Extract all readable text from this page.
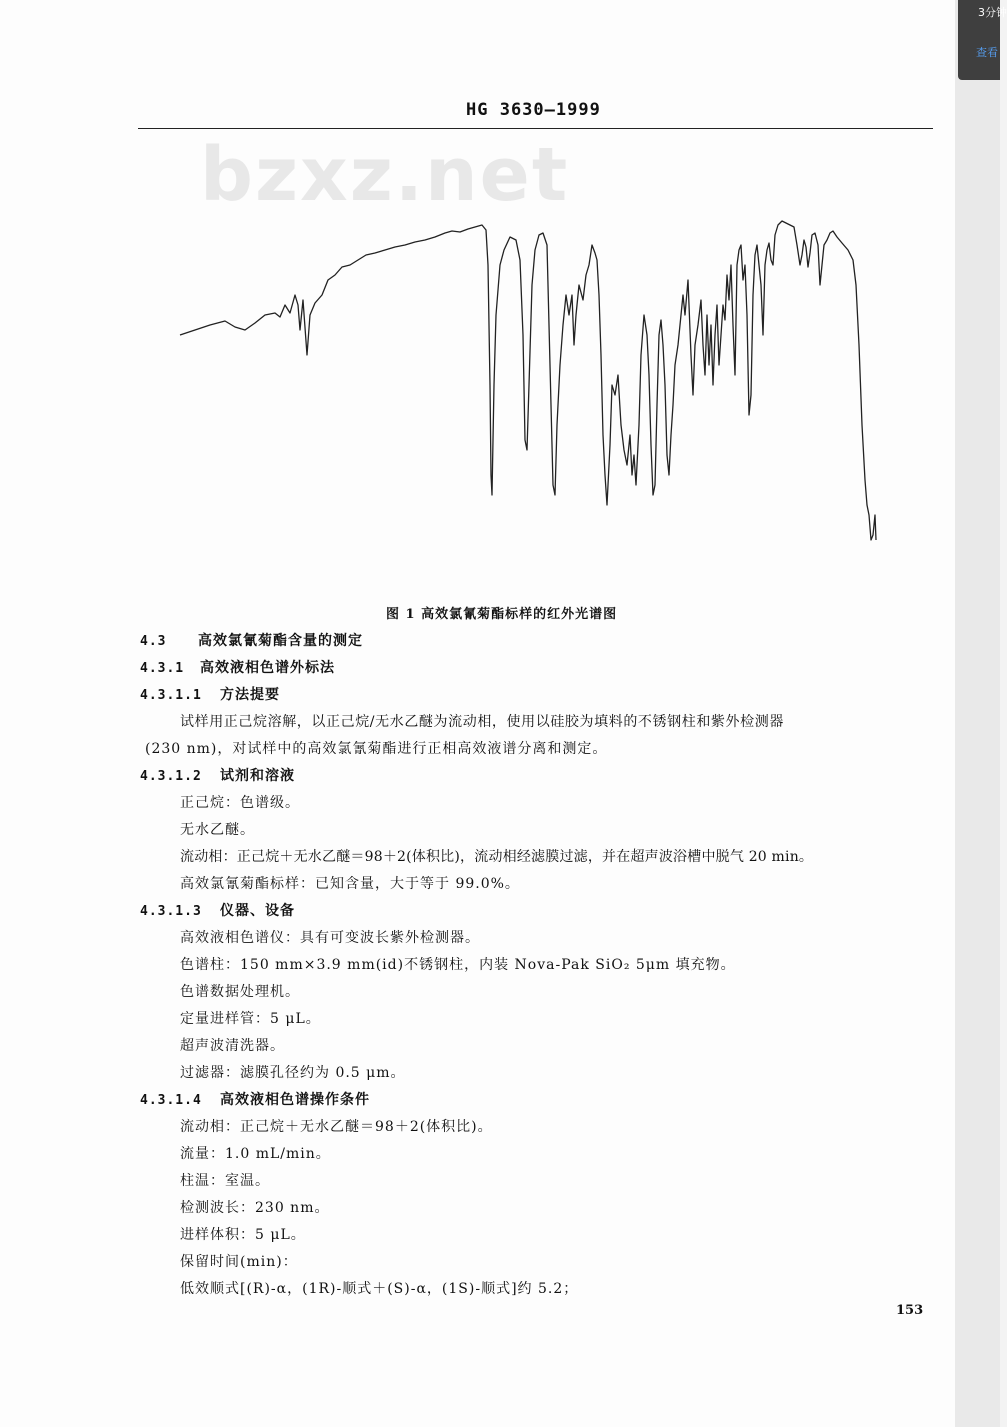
HG 3630—1999
bzxz.net
图 1 高效氯氰菊酯标样的红外光谱图
4.3 高效氯氰菊酯含量的测定
4.3.1 高效液相色谱外标法
4.3.1.1 方法提要
试样用正己烷溶解，以正己烷/无水乙醚为流动相，使用以硅胶为填料的不锈钢柱和紫外检测器
(230 nm)，对试样中的高效氯氰菊酯进行正相高效液谱分离和测定。
4.3.1.2 试剂和溶液
正己烷：色谱级。
无水乙醚。
流动相：正己烷＋无水乙醚＝98＋2(体积比)，流动相经滤膜过滤，并在超声波浴槽中脱气 20 min。
高效氯氰菊酯标样：已知含量，大于等于 99.0%。
4.3.1.3 仪器、设备
高效液相色谱仪：具有可变波长紫外检测器。
色谱柱：150 mm×3.9 mm(id)不锈钢柱，内装 Nova-Pak SiO₂ 5μm 填充物。
色谱数据处理机。
定量进样管：5 μL。
超声波清洗器。
过滤器：滤膜孔径约为 0.5 μm。
4.3.1.4 高效液相色谱操作条件
流动相：正己烷＋无水乙醚＝98＋2(体积比)。
流量：1.0 mL/min。
柱温：室温。
检测波长：230 nm。
进样体积：5 μL。
保留时间(min)：
低效顺式[(R)-α，(1R)-顺式＋(S)-α，(1S)-顺式]约 5.2；
153
3分钟
查看
